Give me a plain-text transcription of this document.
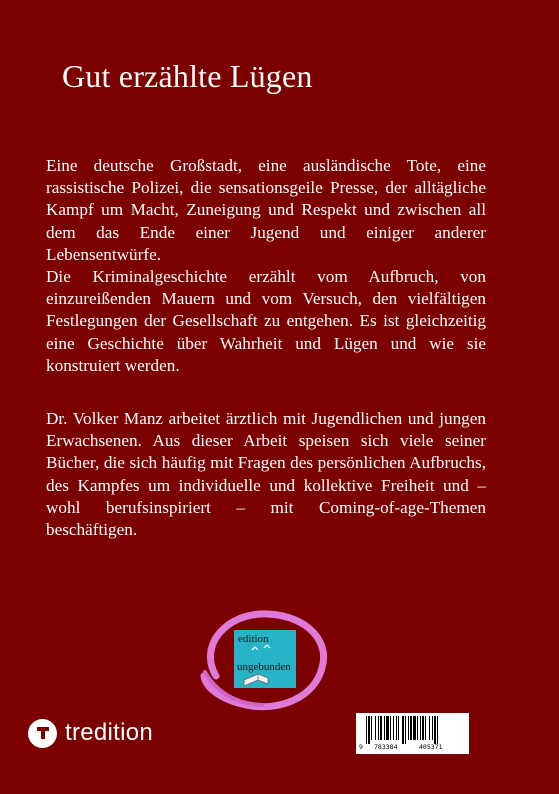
Gut erzählte Lügen

Eine deutsche Großstadt, eine ausländische Tote, eine rassistische Polizei, die sensationsgeile Presse, der alltägliche Kampf um Macht, Zuneigung und Respekt und zwischen all dem das Ende einer Jugend und einiger anderer Lebensentwürfe.

Die Kriminalgeschichte erzählt vom Aufbruch, von einzureißenden Mauern und vom Versuch, den vielfältigen Festlegungen der Gesellschaft zu entgehen. Es ist gleichzeitig eine Geschichte über Wahrheit und Lügen und wie sie konstruiert werden.

Dr. Volker Manz arbeitet ärztlich mit Jugendlichen und jungen Erwachsenen. Aus dieser Arbeit speisen sich viele seiner Bücher, die sich häufig mit Fragen des persönlichen Aufbruchs, des Kampfes um individuelle und kollektive Freiheit und – wohl berufsinspiriert – mit Coming-of-age-Themen beschäftigen.

edition
ungebunden
tredition
9 783384	405371
